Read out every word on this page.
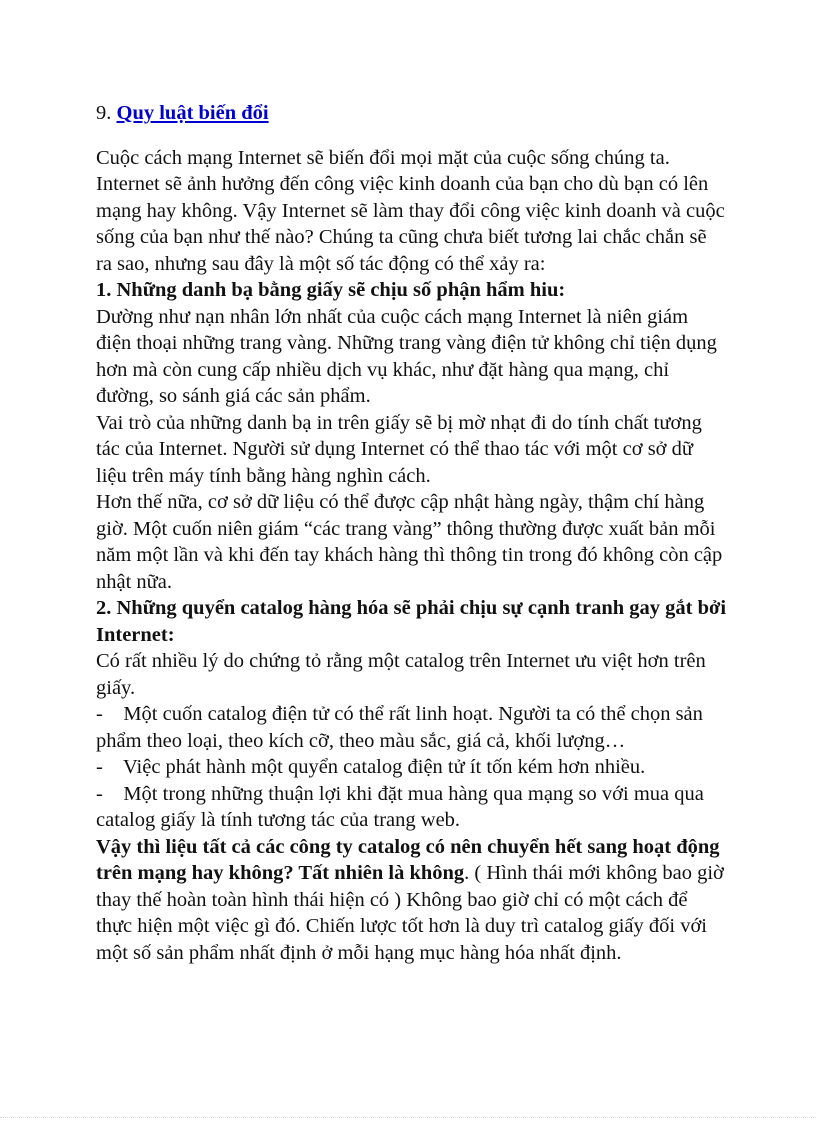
9. Quy luật biến đổi

Cuộc cách mạng Internet sẽ biến đổi mọi mặt của cuộc sống chúng ta. Internet sẽ ảnh hưởng đến công việc kinh doanh của bạn cho dù bạn có lên mạng hay không. Vậy Internet sẽ làm thay đổi công việc kinh doanh và cuộc sống của bạn như thế nào? Chúng ta cũng chưa biết tương lai chắc chắn sẽ ra sao, nhưng sau đây là một số tác động có thể xảy ra:

1. Những danh bạ bằng giấy sẽ chịu số phận hẩm hiu:

Dường như nạn nhân lớn nhất của cuộc cách mạng Internet là niên giám điện thoại những trang vàng. Những trang vàng điện tử không chỉ tiện dụng hơn mà còn cung cấp nhiều dịch vụ khác, như đặt hàng qua mạng, chỉ đường, so sánh giá các sản phẩm.

Vai trò của những danh bạ in trên giấy sẽ bị mờ nhạt đi do tính chất tương tác của Internet. Người sử dụng Internet có thể thao tác với một cơ sở dữ liệu trên máy tính bằng hàng nghìn cách.

Hơn thế nữa, cơ sở dữ liệu có thể được cập nhật hàng ngày, thậm chí hàng giờ. Một cuốn niên giám “các trang vàng” thông thường được xuất bản mỗi năm một lần và khi đến tay khách hàng thì thông tin trong đó không còn cập nhật nữa.

2. Những quyển catalog hàng hóa sẽ phải chịu sự cạnh tranh gay gắt bởi Internet:

Có rất nhiều lý do chứng tỏ rằng một catalog trên Internet ưu việt hơn trên giấy.

-    Một cuốn catalog điện tử có thể rất linh hoạt. Người ta có thể chọn sản phẩm theo loại, theo kích cỡ, theo màu sắc, giá cả, khối lượng…

-    Việc phát hành một quyển catalog điện tử ít tốn kém hơn nhiều.

-    Một trong những thuận lợi khi đặt mua hàng qua mạng so với mua qua catalog giấy là tính tương tác của trang web.

Vậy thì liệu tất cả các công ty catalog có nên chuyển hết sang hoạt động trên mạng hay không? Tất nhiên là không. ( Hình thái mới không bao giờ thay thế hoàn toàn hình thái hiện có ) Không bao giờ chỉ có một cách để thực hiện một việc gì đó. Chiến lược tốt hơn là duy trì catalog giấy đối với một số sản phẩm nhất định ở mỗi hạng mục hàng hóa nhất định.
